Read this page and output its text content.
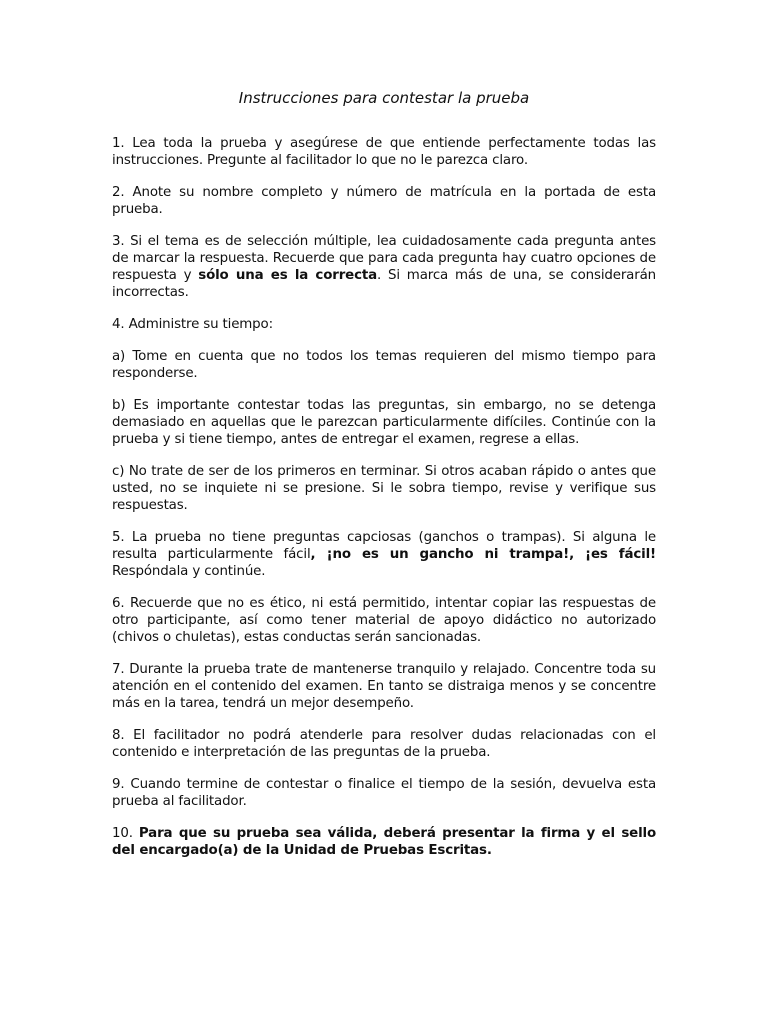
Instrucciones para contestar la prueba

1. Lea toda la prueba y asegúrese de que entiende perfectamente todas las instrucciones. Pregunte al facilitador lo que no le parezca claro.

2. Anote su nombre completo y número de matrícula en la portada de esta prueba.

3. Si el tema es de selección múltiple, lea cuidadosamente cada pregunta antes de marcar la respuesta. Recuerde que para cada pregunta hay cuatro opciones de respuesta y sólo una es la correcta. Si marca más de una, se considerarán incorrectas.

4. Administre su tiempo:

a) Tome en cuenta que no todos los temas requieren del mismo tiempo para responderse.

b) Es importante contestar todas las preguntas, sin embargo, no se detenga demasiado en aquellas que le parezcan particularmente difíciles. Continúe con la prueba y si tiene tiempo, antes de entregar el examen, regrese a ellas.

c) No trate de ser de los primeros en terminar. Si otros acaban rápido o antes que usted, no se inquiete ni se presione. Si le sobra tiempo, revise y verifique sus respuestas.

5. La prueba no tiene preguntas capciosas (ganchos o trampas). Si alguna le resulta particularmente fácil, ¡no es un gancho ni trampa!, ¡es fácil! Respóndala y continúe.

6. Recuerde que no es ético, ni está permitido, intentar copiar las respuestas de otro participante, así como tener material de apoyo didáctico no autorizado (chivos o chuletas), estas conductas serán sancionadas.

7. Durante la prueba trate de mantenerse tranquilo y relajado. Concentre toda su atención en el contenido del examen. En tanto se distraiga menos y se concentre más en la tarea, tendrá un mejor desempeño.

8. El facilitador no podrá atenderle para resolver dudas relacionadas con el contenido e interpretación de las preguntas de la prueba.

9. Cuando termine de contestar o finalice el tiempo de la sesión, devuelva esta prueba al facilitador.

10. Para que su prueba sea válida, deberá presentar la firma y el sello del encargado(a) de la Unidad de Pruebas Escritas.
